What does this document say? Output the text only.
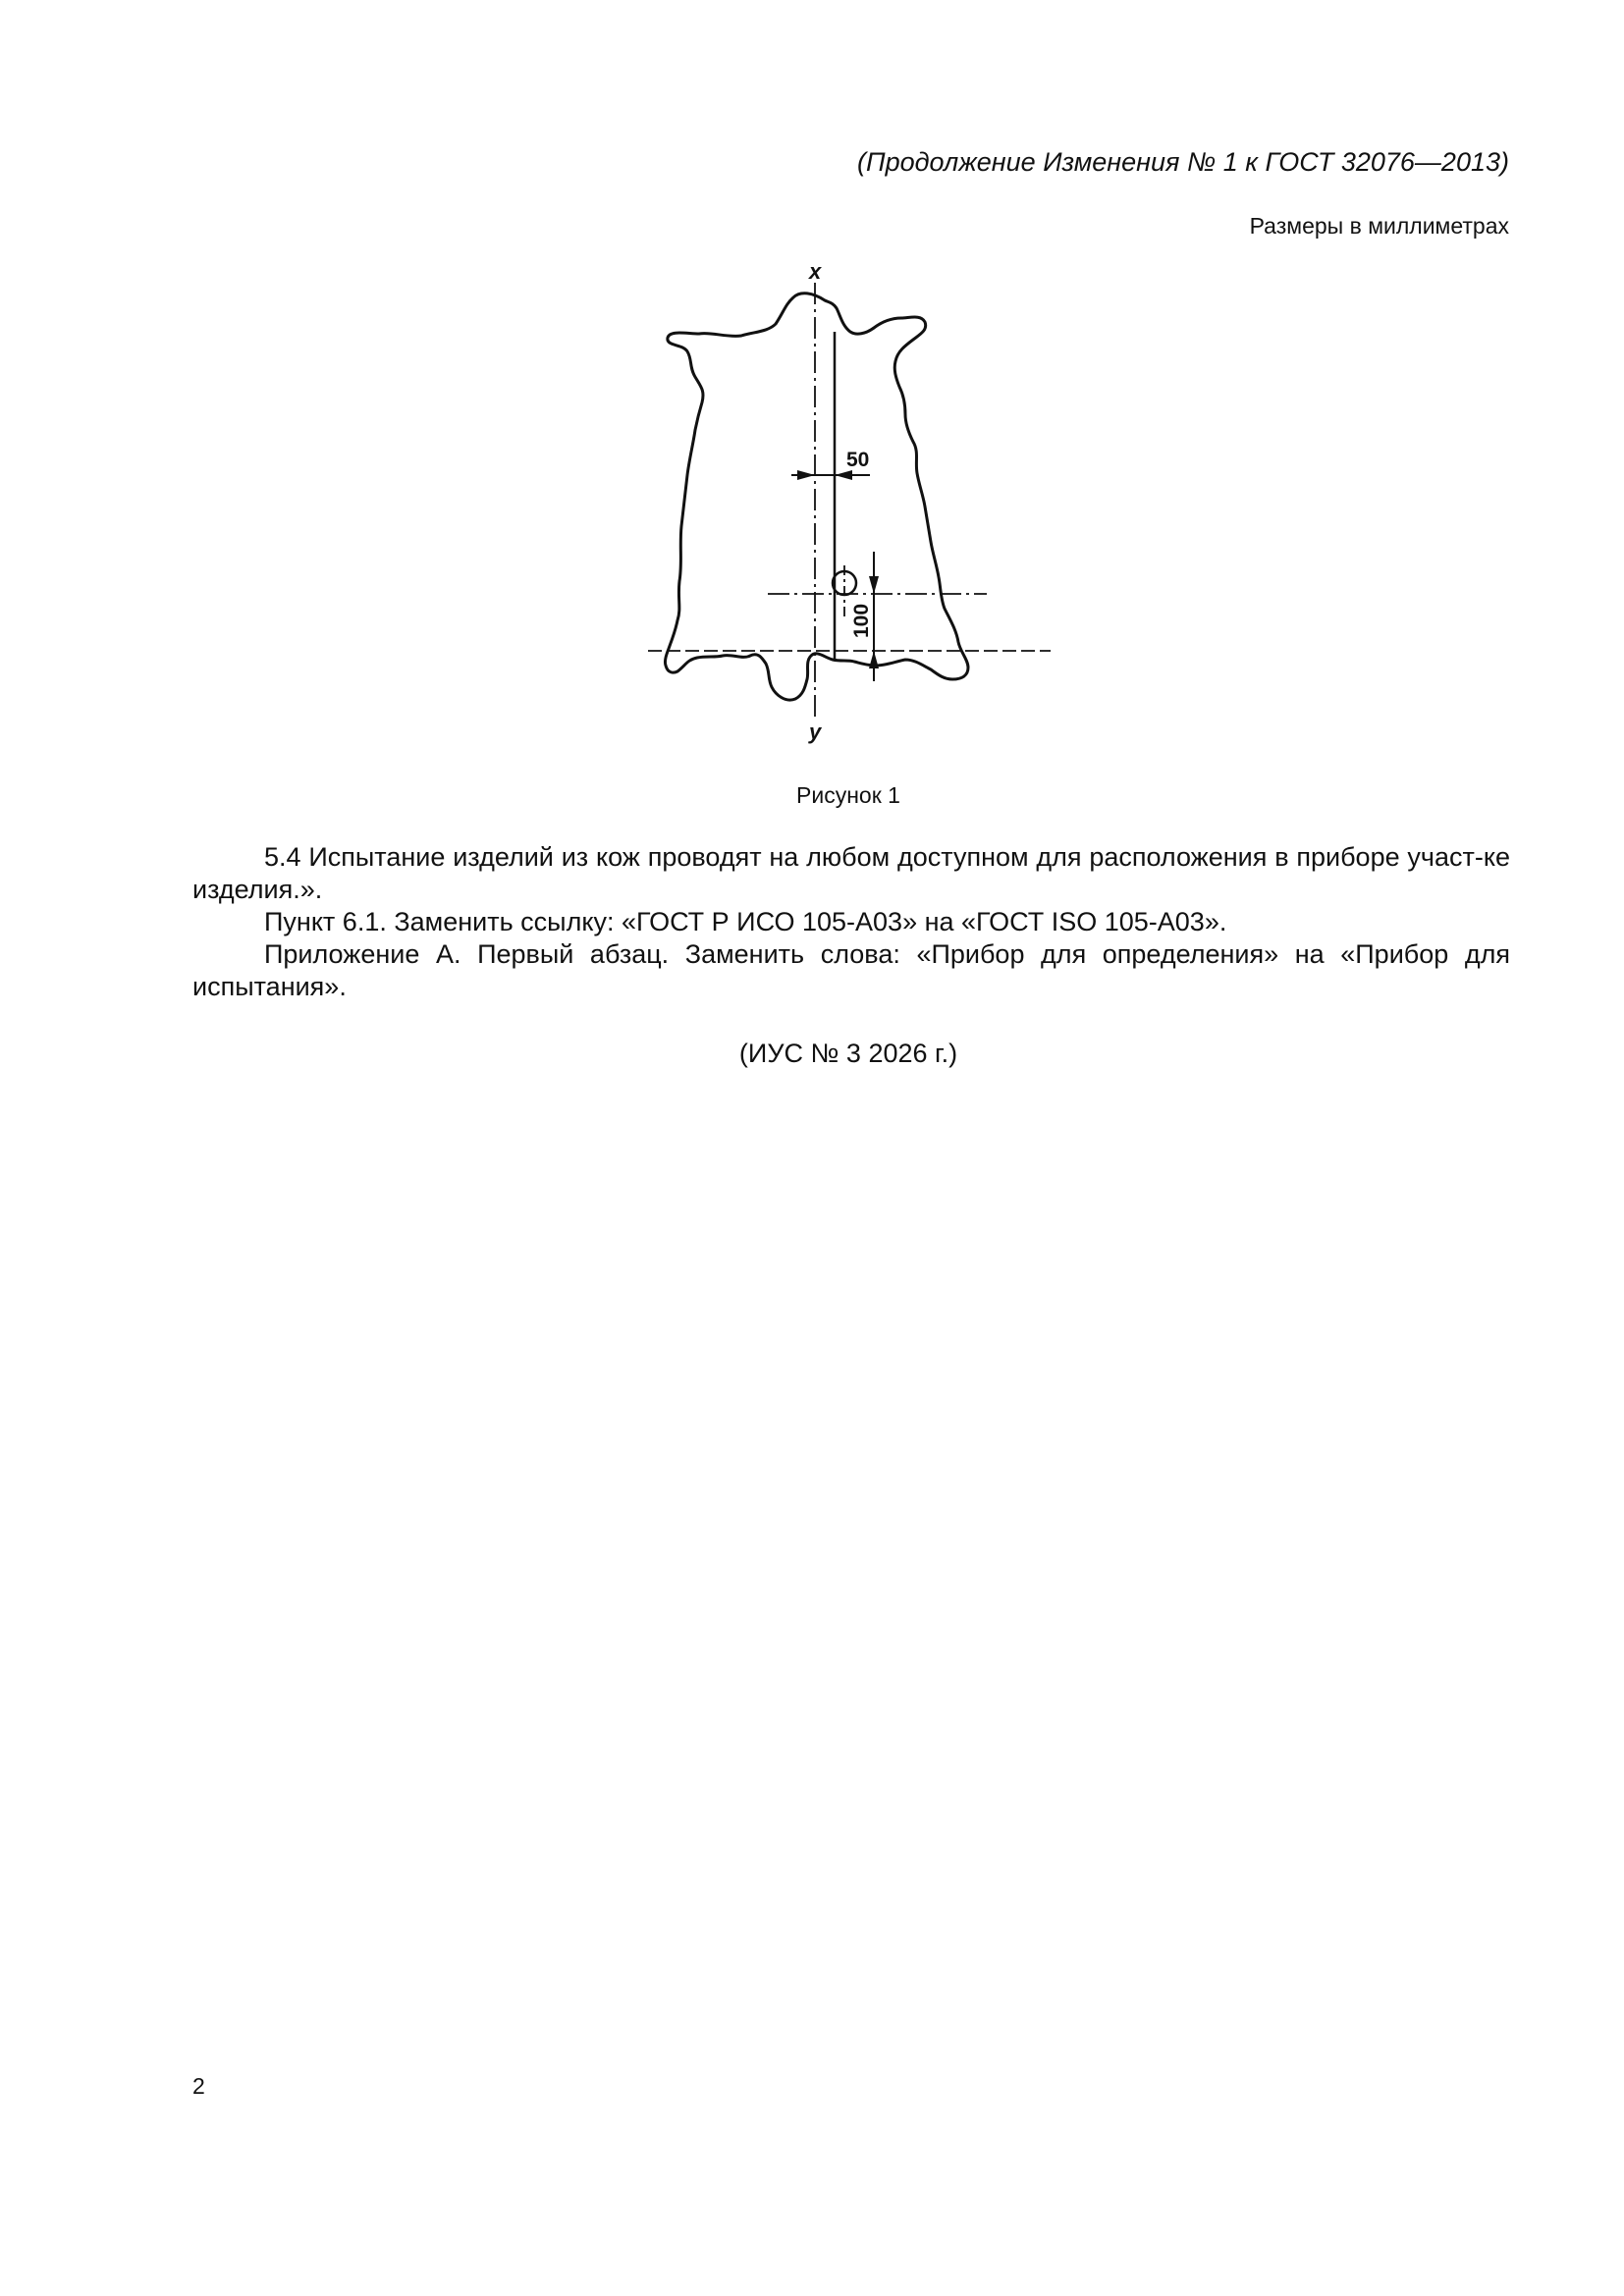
(Продолжение Изменения № 1 к ГОСТ 32076—2013)
Размеры в миллиметрах
50
100
x
y
Рисунок 1

5.4 Испытание изделий из кож проводят на любом доступном для расположения в приборе участ-ке изделия.».

Пункт 6.1. Заменить ссылку: «ГОСТ Р ИСО 105-А03» на «ГОСТ ISO 105-А03».

Приложение А. Первый абзац. Заменить слова: «Прибор для определения» на «Прибор для испытания».

(ИУС № 3 2026 г.)
2
